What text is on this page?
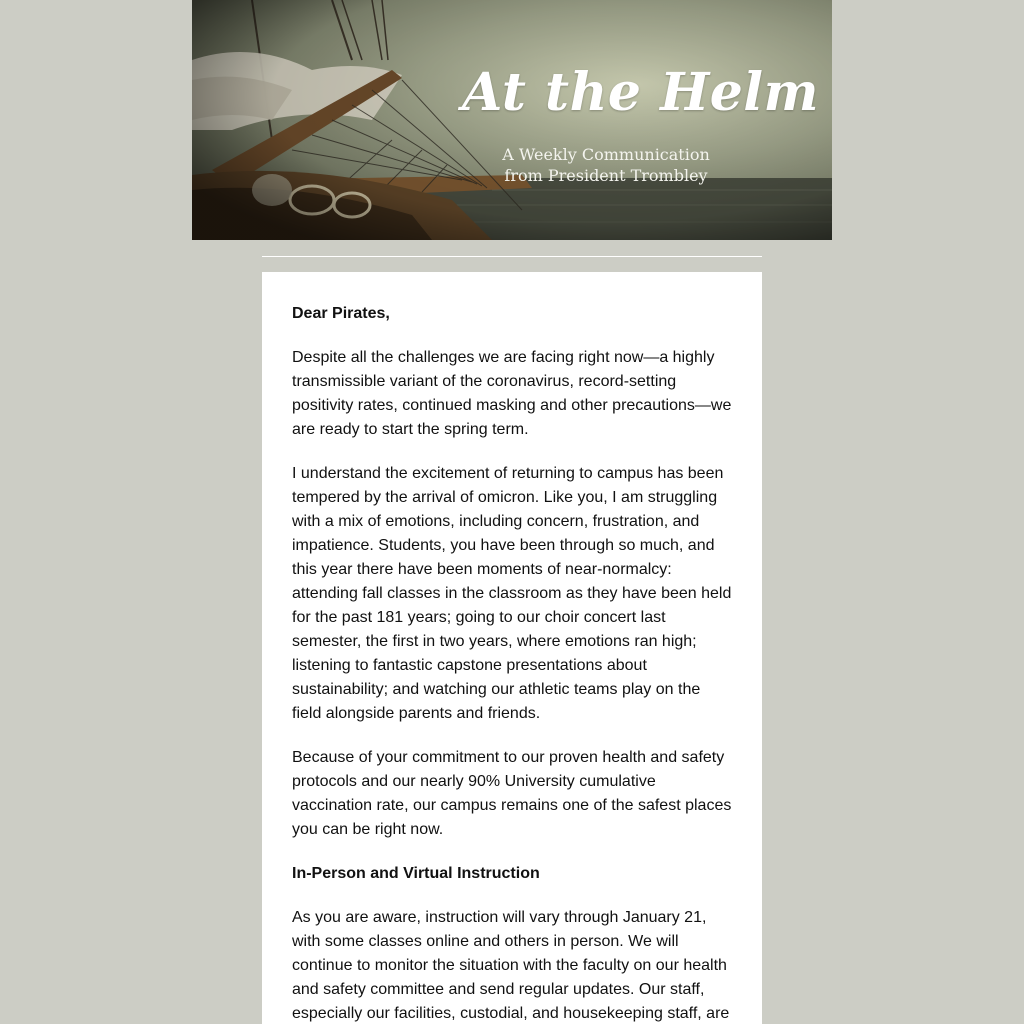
At the Helm

A Weekly Communication
from President Trombley

Dear Pirates,

Despite all the challenges we are facing right now—a highly transmissible variant of the coronavirus, record-setting positivity rates, continued masking and other precautions—we are ready to start the spring term.

I understand the excitement of returning to campus has been tempered by the arrival of omicron. Like you, I am struggling with a mix of emotions, including concern, frustration, and impatience. Students, you have been through so much, and this year there have been moments of near-normalcy: attending fall classes in the classroom as they have been held for the past 181 years; going to our choir concert last semester, the first in two years, where emotions ran high; listening to fantastic capstone presentations about sustainability; and watching our athletic teams play on the field alongside parents and friends.

Because of your commitment to our proven health and safety protocols and our nearly 90% University cumulative vaccination rate, our campus remains one of the safest places you can be right now.

In-Person and Virtual Instruction

As you are aware, instruction will vary through January 21, with some classes online and others in person. We will continue to monitor the situation with the faculty on our health and safety committee and send regular updates. Our staff, especially our facilities, custodial, and housekeeping staff, are
